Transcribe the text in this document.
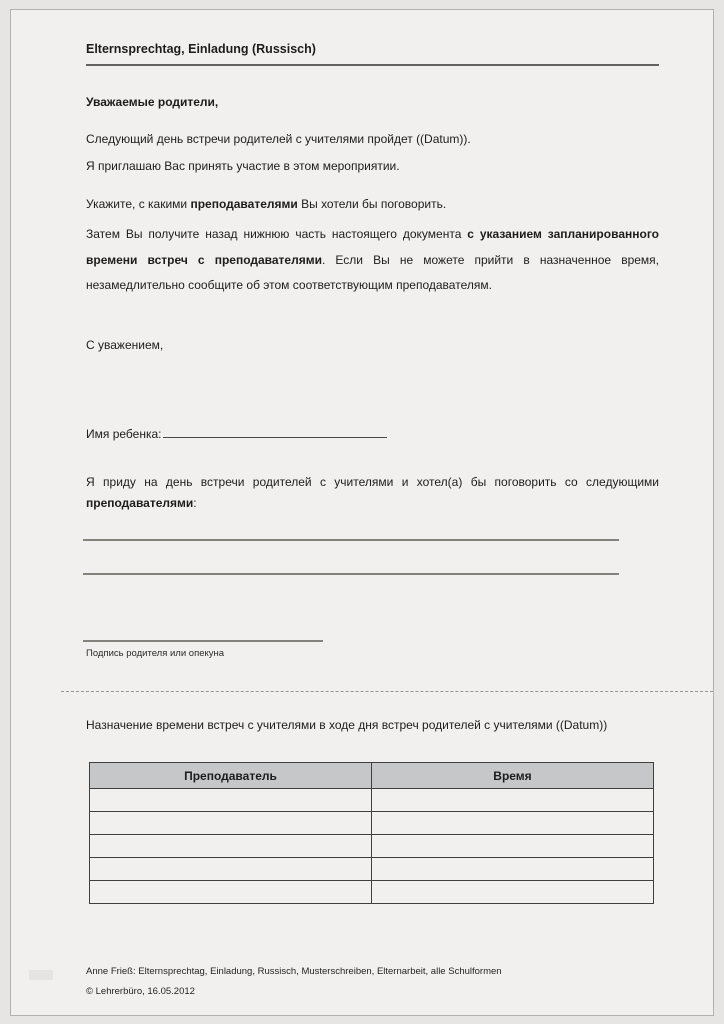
Elternsprechtag, Einladung (Russisch)
Уважаемые родители,
Следующий день встречи родителей с учителями пройдет ((Datum)).
Я приглашаю Вас принять участие в этом мероприятии.
Укажите, с какими преподавателями Вы хотели бы поговорить.
Затем Вы получите назад нижнюю часть настоящего документа с указанием запланированного времени встреч с преподавателями. Если Вы не можете прийти в назначенное время, незамедлительно сообщите об этом соответствующим преподавателям.
С уважением,
Имя ребенка:
Я приду на день встречи родителей с учителями и хотел(а) бы поговорить со следующими преподавателями:
Подпись родителя или опекуна
Назначение времени встреч с учителями в ходе дня встреч родителей с учителями ((Datum))
Преподаватель	Время

Anne Frieß: Elternsprechtag, Einladung, Russisch, Musterschreiben, Elternarbeit, alle Schulformen
© Lehrerbüro, 16.05.2012
